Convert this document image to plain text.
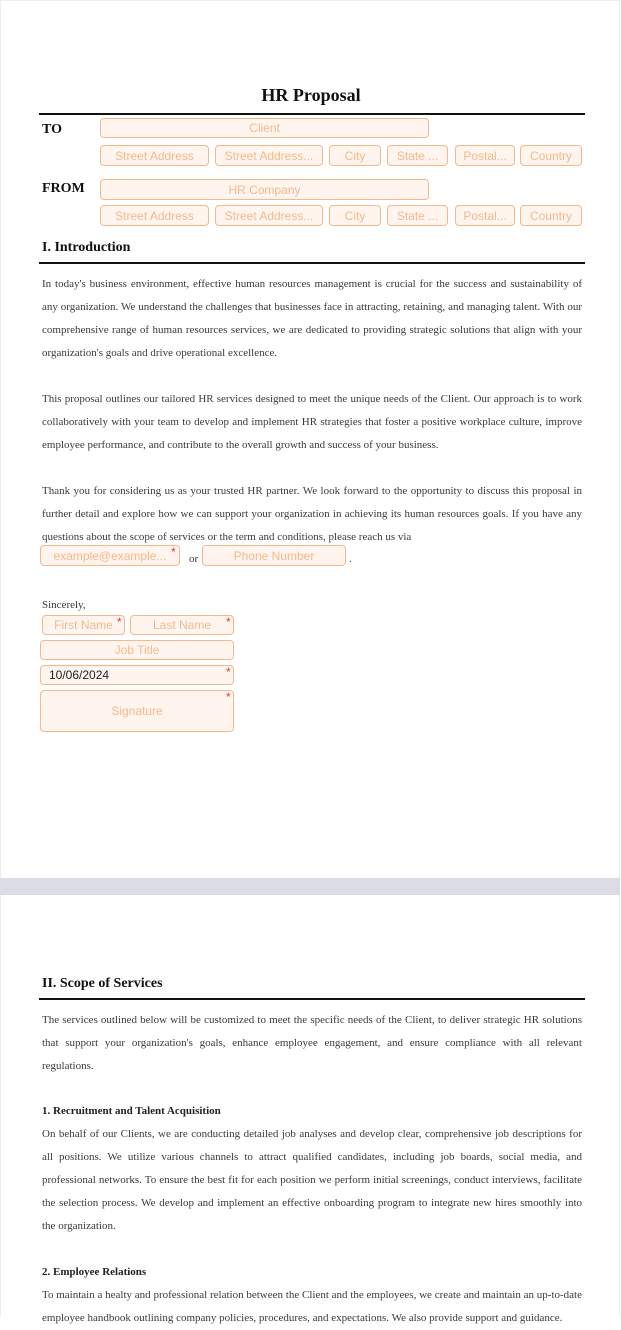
HR Proposal
TO	Client
Street Address	Street Address...	City	State ...	Postal...	Country
FROM	HR Company
Street Address	Street Address...	City	State ...	Postal...	Country
I. Introduction
In today's business environment, effective human resources management is crucial for the success and sustainability of any organization. We understand the challenges that businesses face in attracting, retaining, and managing talent. With our comprehensive range of human resources services, we are dedicated to providing strategic solutions that align with your organization's goals and drive operational excellence.
This proposal outlines our tailored HR services designed to meet the unique needs of the Client. Our approach is to work collaboratively with your team to develop and implement HR strategies that foster a positive workplace culture, improve employee performance, and contribute to the overall growth and success of your business.
Thank you for considering us as your trusted HR partner. We look forward to the opportunity to discuss this proposal in further detail and explore how we can support your organization in achieving its human resources goals. If you have any questions about the scope of services or the term and conditions, please reach us via
example@example... * or	Phone Number	.
Sincerely,
First Name *	Last Name	*
Job Title
10/06/2024	*
Signature
*
II. Scope of Services
The services outlined below will be customized to meet the specific needs of the Client, to deliver strategic HR solutions that support your organization's goals, enhance employee engagement, and ensure compliance with all relevant regulations.
1. Recruitment and Talent Acquisition
On behalf of our Clients, we are conducting detailed job analyses and develop clear, comprehensive job descriptions for all positions. We utilize various channels to attract qualified candidates, including job boards, social media, and professional networks. To ensure the best fit for each position we perform initial screenings, conduct interviews, facilitate the selection process. We develop and implement an effective onboarding program to integrate new hires smoothly into the organization.
2. Employee Relations
To maintain a healty and professional relation between the Client and the employees, we create and maintain an up-to-date employee handbook outlining company policies, procedures, and expectations. We also provide support and guidance.
